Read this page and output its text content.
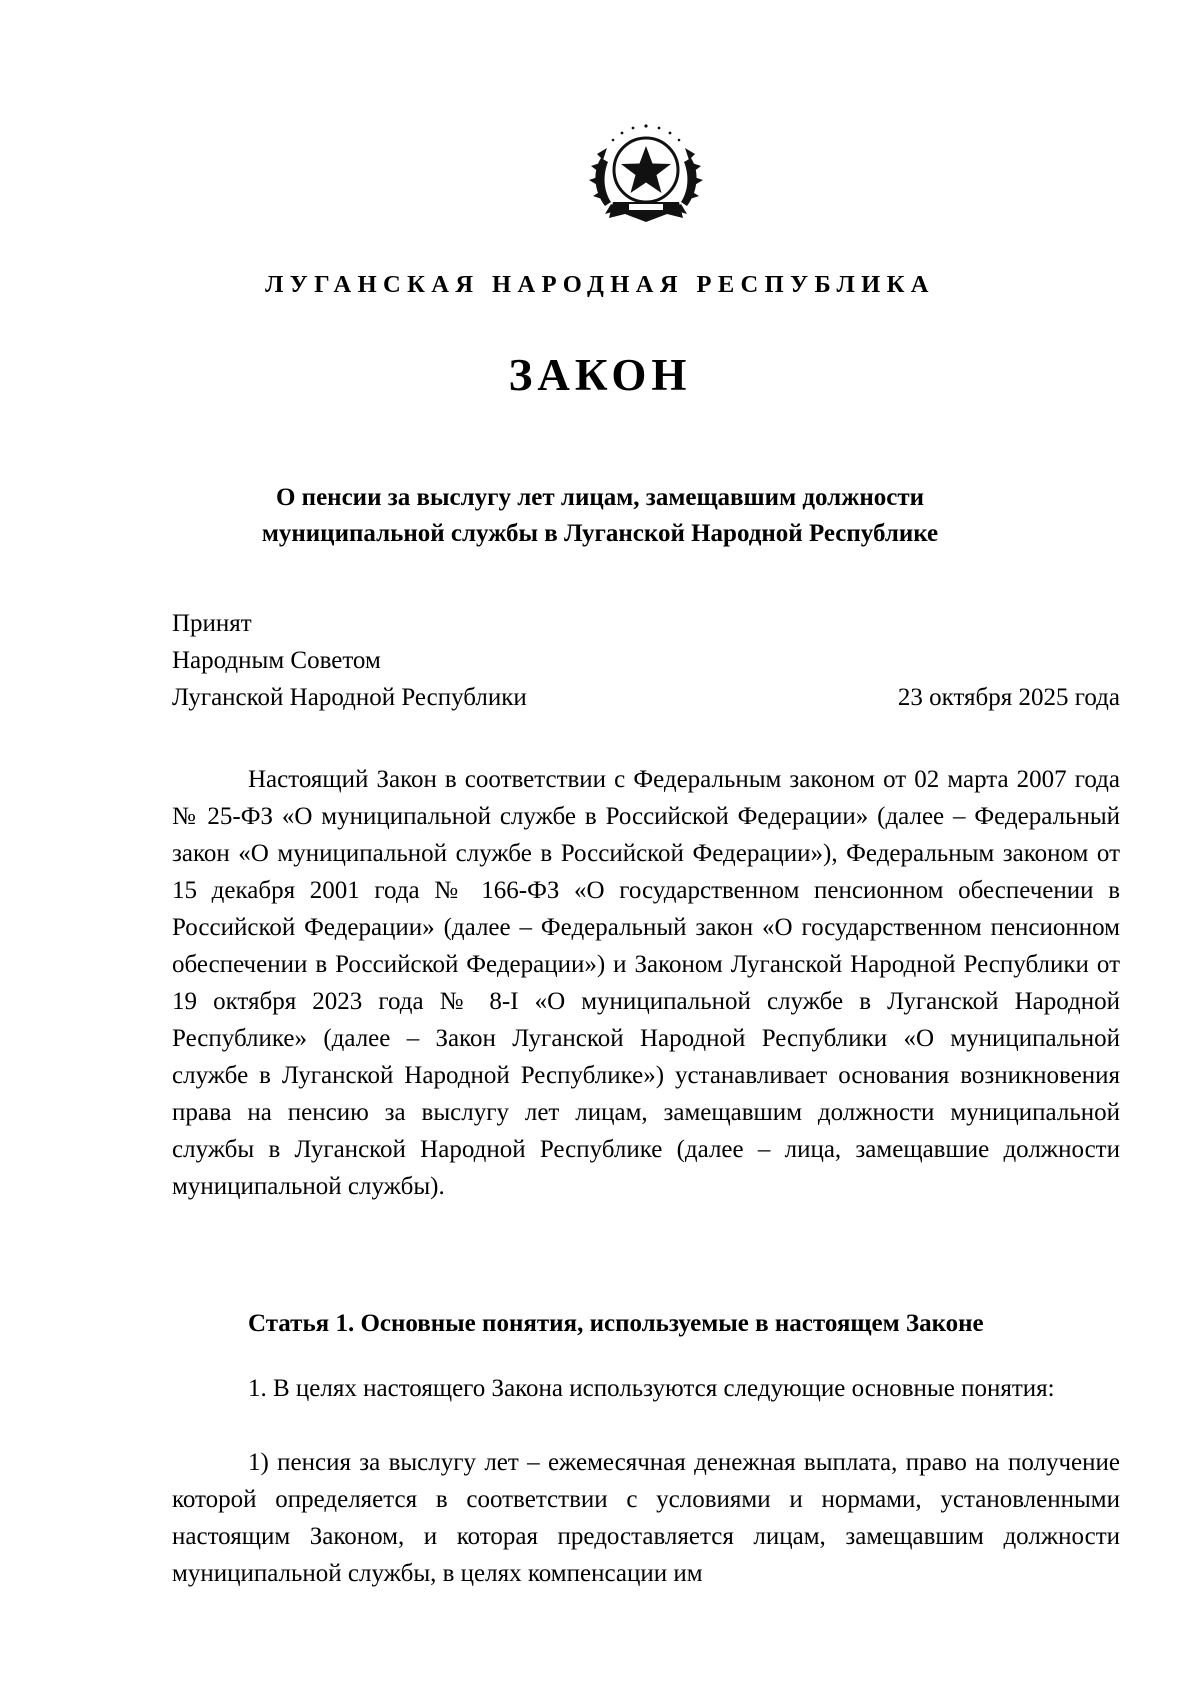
ЛУГАНСКАЯ НАРОДНАЯ РЕСПУБЛИКА
ЗАКОН
О пенсии за выслугу лет лицам, замещавшим должности
муниципальной службы в Луганской Народной Республике
Принят
Народным Советом
Луганской Народной Республики	23 октября 2025 года

Настоящий Закон в соответствии с Федеральным законом от 02 марта 2007 года № 25-ФЗ «О муниципальной службе в Российской Федерации» (далее – Федеральный закон «О муниципальной службе в Российской Федерации»), Федеральным законом от 15 декабря 2001 года № 166-ФЗ «О государственном пенсионном обеспечении в Российской Федерации» (далее – Федеральный закон «О государственном пенсионном обеспечении в Российской Федерации») и Законом Луганской Народной Республики от 19 октября 2023 года № 8-I «О муниципальной службе в Луганской Народной Республике» (далее – Закон Луганской Народной Республики «О муниципальной службе в Луганской Народной Республике») устанавливает основания возникновения права на пенсию за выслугу лет лицам, замещавшим должности муниципальной службы в Луганской Народной Республике (далее – лица, замещавшие должности муниципальной службы).

Статья 1. Основные понятия, используемые в настоящем Законе

1. В целях настоящего Закона используются следующие основные понятия:

1) пенсия за выслугу лет – ежемесячная денежная выплата, право на получение которой определяется в соответствии с условиями и нормами, установленными настоящим Законом, и которая предоставляется лицам, замещавшим должности муниципальной службы, в целях компенсации им
